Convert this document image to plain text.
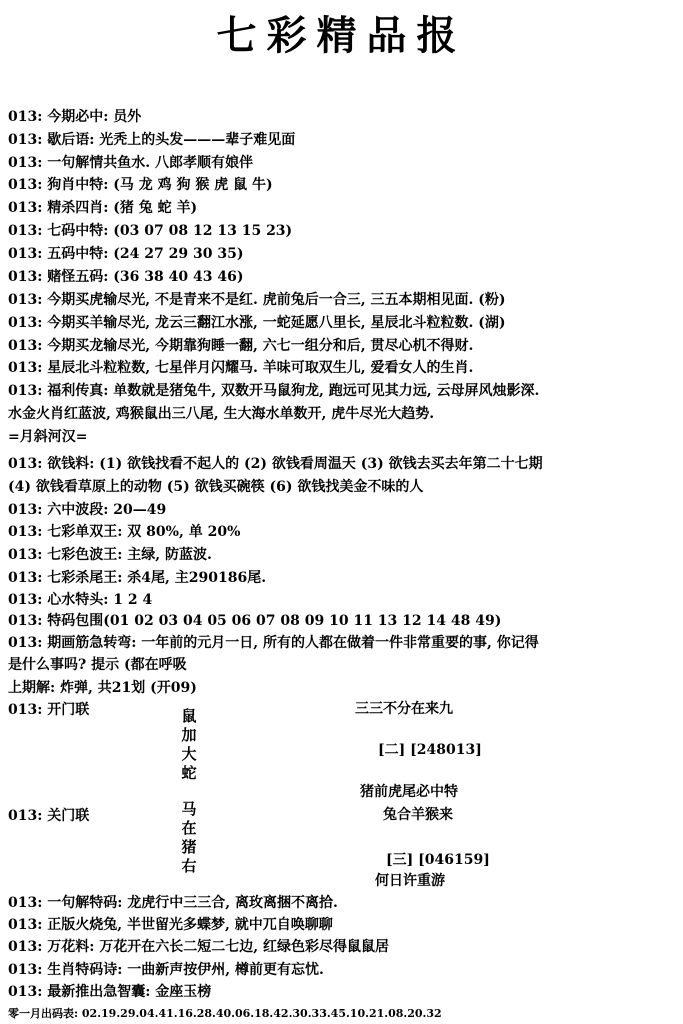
七彩精品报
013: 今期必中: 员外
013: 歇后语: 光秃上的头发———辈子难见面
013: 一句解情共鱼水. 八郎孝顺有娘伴
013: 狗肖中特: (马 龙 鸡 狗 猴 虎 鼠 牛)
013: 精杀四肖: (猪 兔 蛇 羊)
013: 七码中特: (03 07 08 12 13 15 23)
013: 五码中特: (24 27 29 30 35)
013: 赌怪五码: (36 38 40 43 46)
013: 今期买虎输尽光, 不是青来不是红. 虎前兔后一合三, 三五本期相见面. (粉)
013: 今期买羊输尽光, 龙云三翻江水涨, 一蛇延愿八里长, 星辰北斗粒粒数. (湖)
013: 今期买龙输尽光, 今期靠狗睡一翻, 六七一组分和后, 贯尽心机不得财.
013: 星辰北斗粒粒数, 七星伴月闪耀马. 羊味可取双生儿, 爱看女人的生肖.
013: 福利传真: 单数就是猪兔牛, 双数开马鼠狗龙, 跑远可见其力远, 云母屏风烛影深.
水金火肖红蓝波, 鸡猴鼠出三八尾, 生大海水单数开, 虎牛尽光大趋势.
=月斜河汉=
013: 欲钱料: (1) 欲钱找看不起人的 (2) 欲钱看周温天 (3) 欲钱去买去年第二十七期
(4) 欲钱看草原上的动物 (5) 欲钱买碗筷 (6) 欲钱找美金不味的人
013: 六中波段: 20—49
013: 七彩单双王: 双 80%, 单 20%
013: 七彩色波王: 主绿, 防蓝波.
013: 七彩杀尾王: 杀4尾, 主290186尾.
013: 心水特头: 1 2 4
013: 特码包围(01 02 03 04 05 06 07 08 09 10 11 13 12 14 48 49)
013: 期画筋急转弯: 一年前的元月一日, 所有的人都在做着一件非常重要的事, 你记得
是什么事吗? 提示 (都在呼吸
上期解: 炸弹, 共21划 (开09)
013: 开门联	鼠
加
大
蛇
三三不分在来九
[二] [248013]
猪前虎尾必中特
兔合羊猴来
013: 关门联	马
在
猪
右	[三] [046159]
何日许重游
013: 一句解特码: 龙虎行中三三合, 离玫离捆不离拾.
013: 正版火烧兔, 半世留光多蝶梦, 就中兀自唤聊聊
013: 万花料: 万花开在六长二短二七边, 红绿色彩尽得鼠鼠居
013: 生肖特码诗: 一曲新声按伊州, 樽前更有忘忧.
013: 最新推出急智囊: 金座玉榜
零一月出码表: 02.19.29.04.41.16.28.40.06.18.42.30.33.45.10.21.08.20.32
